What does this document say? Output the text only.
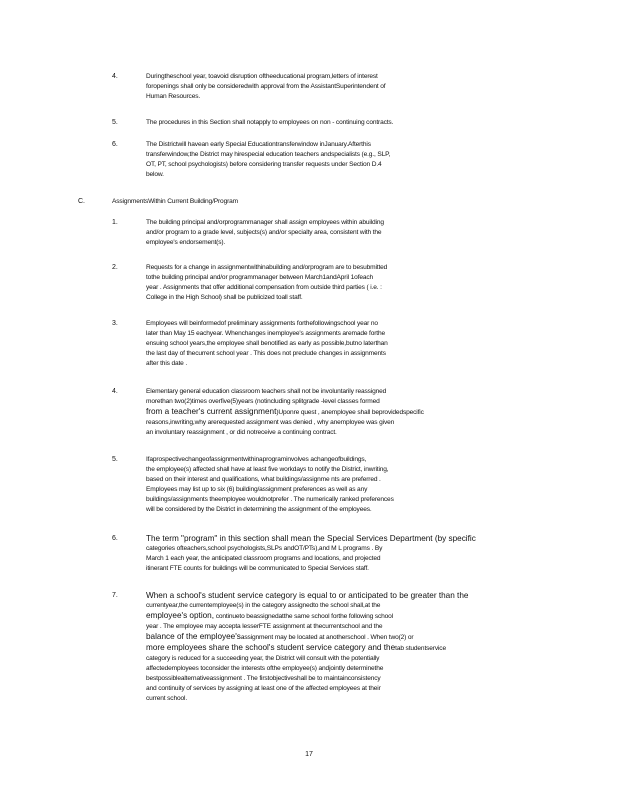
4.	Duringtheschool year, toavoid disruption oftheeducational program,letters of interest
foropenings shall only be consideredwith approval from the AssistantSuperintendent of
Human Resources.
5.	The procedures in this Section shall notapply to employees on non - continuing contracts.
6.	The Districtwill havean early Special Educationtransferwindow inJanuary.Afterthis
transferwindow,the District may hirespecial education teachers andspecialists (e.g., SLP,
OT, PT, school psychologists) before considering transfer requests under Section D.4
below.
C.	AssignmentsWithin Current Building/Program
1.	The building principal and/orprogrammanager shall assign employees within abuilding
and/or program to a grade level, subjects(s) and/or specialty area, consistent with the
employee's endorsement(s).
2.	Requests for a change in assignmentwithinabuilding and/orprogram are to besubmitted
tothe building principal and/or programmanager between March1andApril 1ofeach
year . Assignments that offer additional compensation from outside third parties ( i.e. :
College in the High School) shall be publicized toall staff.
3.	Employees will beinformedof preliminary assignments forthefollowingschool year no
later than May 15 eachyear. Whenchanges inemployee's assignments aremade forthe
ensuing school years,the employee shall benotified as early as possible,butno laterthan
the last day of thecurrent school year . This does not preclude changes in assignments
after this date .
4.	Elementary general education classroom teachers shall not be involuntarily reassigned
morethan two(2)times overfive(5)years (notincluding splitgrade -level classes formed
from a teacher's current assignment)Uponre quest , anemployee shall beprovidedspecific
reasons,inwriting,why arerequested assignment was denied , why anemployee was given
an involuntary reassignment , or did notreceive a continuing contract.
5.	Ifaprospectivechangeofassignmentwithinaprograminvolves achangeofbuildings,
the employee(s) affected shall have at least five workdays to notify the District, inwriting,
based on their interest and qualifications, what buildings/assignme nts are preferred .
Employees may list up to six (6) building/assignment preferences as well as any
buildings/assignments theemployee wouldnotprefer . The numerically ranked preferences
will be considered by the District in determining the assignment of the employees.
6.	The term "program" in this section shall mean the Special Services Department (by specific
categories ofteachers,school psychologists,SLPs andOT/PTs),and M L programs . By
March 1 each year, the anticipated classroom programs and locations, and projected
itinerant FTE counts for buildings will be communicated to Special Services staff.
7.	When a school's student service category is equal to or anticipated to be greater than the
currentyear,the currentemployee(s) in the category assignedto the school shall,at the
employee's option, continueto beassignedatthe same school forthe following school
year . The employee may accepta lesserFTE assignment at thecurrentschool and the
balance of the employee'sassignment may be located at anotherschool . When two(2) or
more employees share the school's student service category and thetab studentservice
category is reduced for a succeeding year, the District will consult with the potentially
affectedemployees toconsider the interests ofthe employee(s) andjointly determinethe
bestpossiblealternativeassignment . The firstobjectiveshall be to maintainconsistency
and continuity of services by assigning at least one of the affected employees at their
current school.
17
